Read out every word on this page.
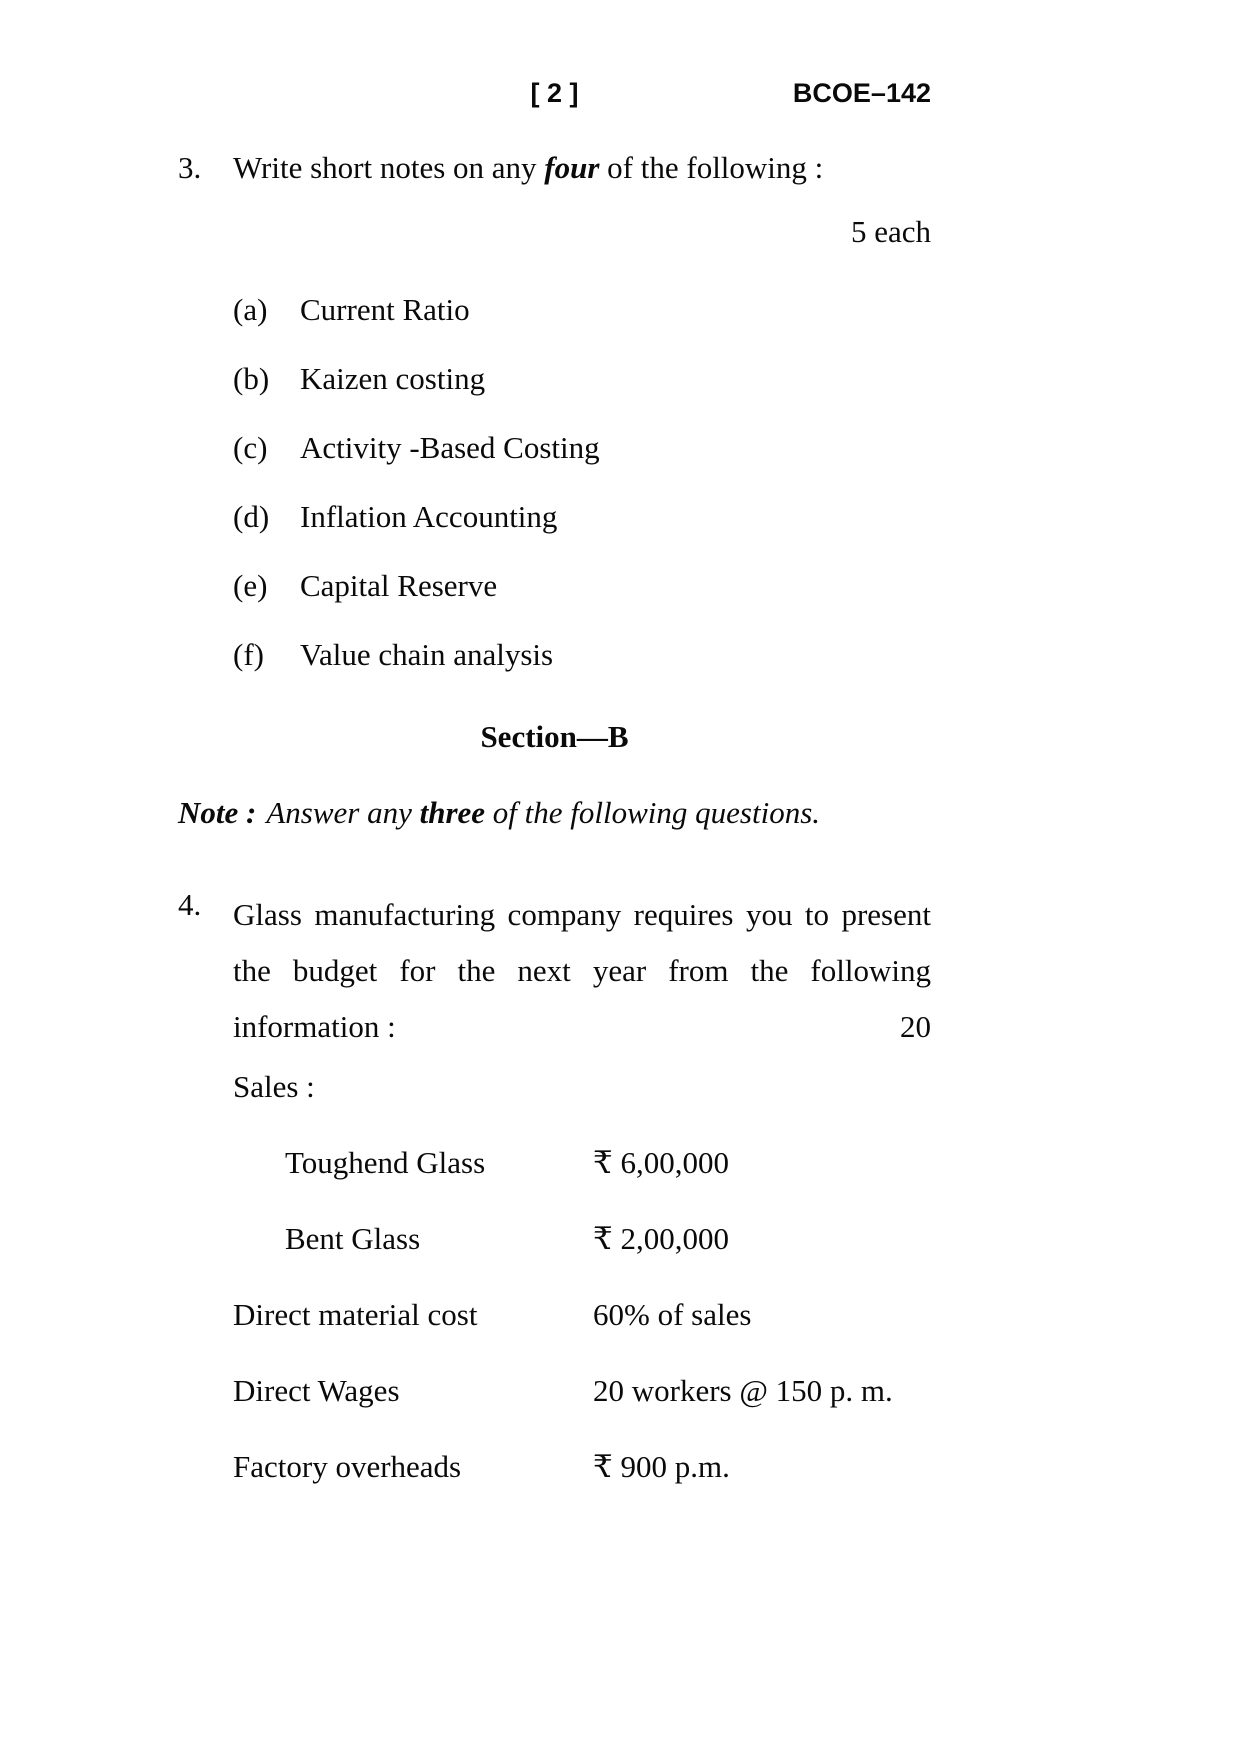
[ 2 ]	BCOE–142
3. Write short notes on any four of the following :
5 each
(a) Current Ratio
(b) Kaizen costing
(c) Activity -Based Costing
(d) Inflation Accounting
(e) Capital Reserve
(f) Value chain analysis
Section—B
Note : Answer any three of the following questions.
4. Glass manufacturing company requires you to present the budget for the next year from the following information :	20
Sales :
Toughend Glass	₹ 6,00,000
Bent Glass	₹ 2,00,000
Direct material cost	60% of sales
Direct Wages	20 workers @ 150 p. m.
Factory overheads	₹ 900 p.m.
